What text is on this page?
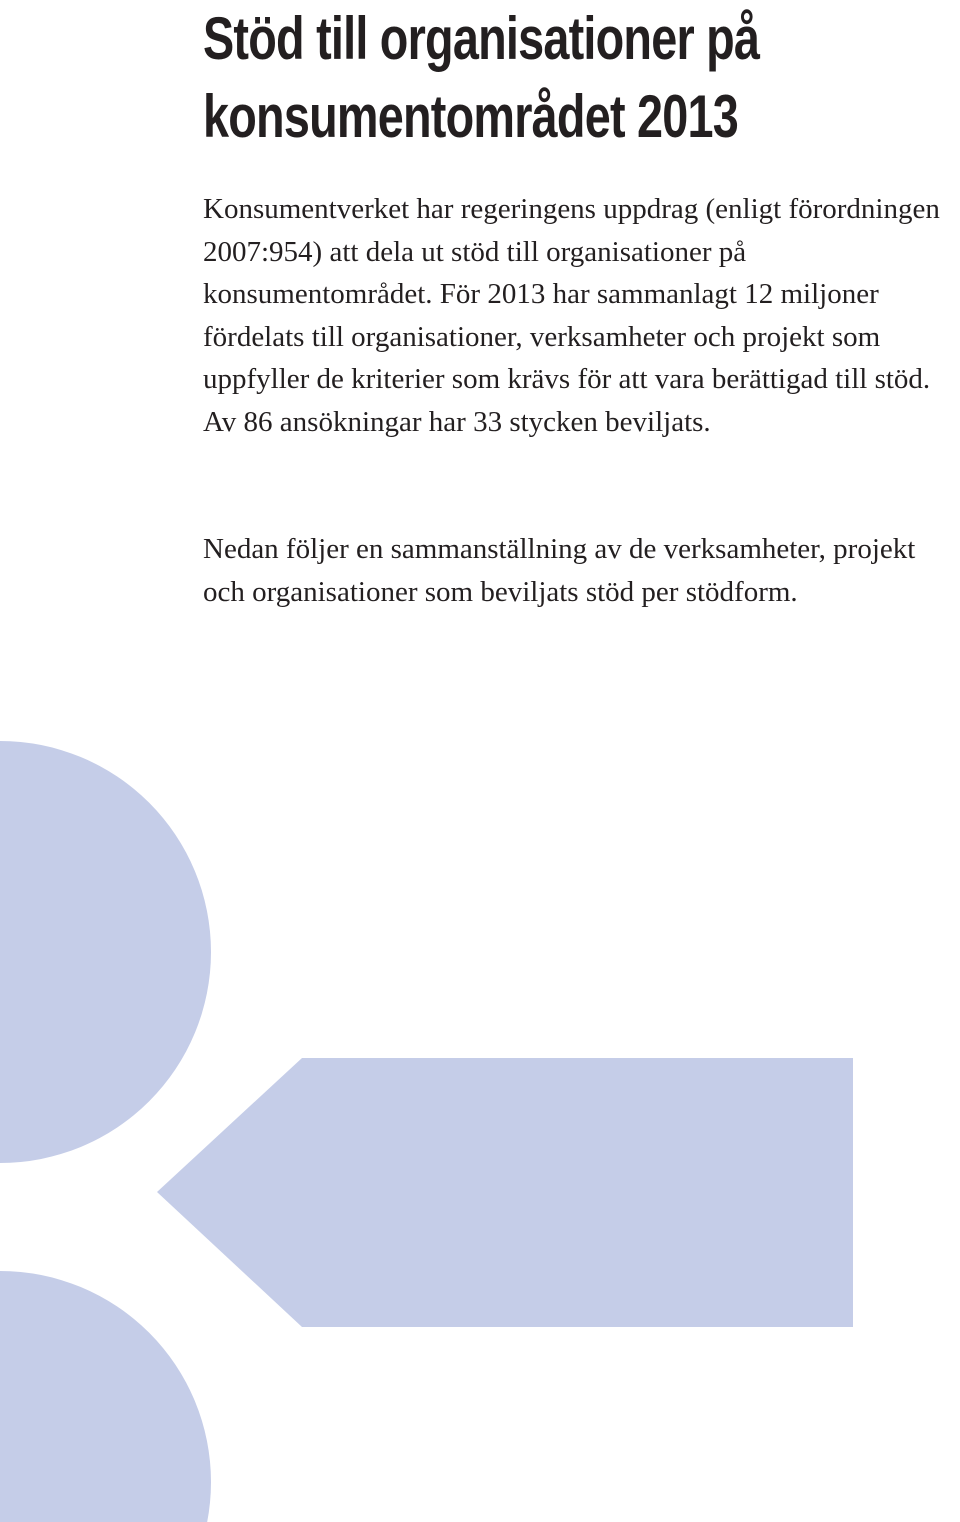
Stöd till organisationer på konsumentområdet 2013

Konsumentverket har regeringens uppdrag (enligt förordningen 2007:954) att dela ut stöd till organisationer på konsumentområdet. För 2013 har sammanlagt 12 miljoner fördelats till organisationer, verksamheter och projekt som uppfyller de kriterier som krävs för att vara berättigad till stöd. Av 86 ansökningar har 33 stycken beviljats.

Nedan följer en sammanställning av de verksamheter, projekt och organisationer som beviljats stöd per stödform.
